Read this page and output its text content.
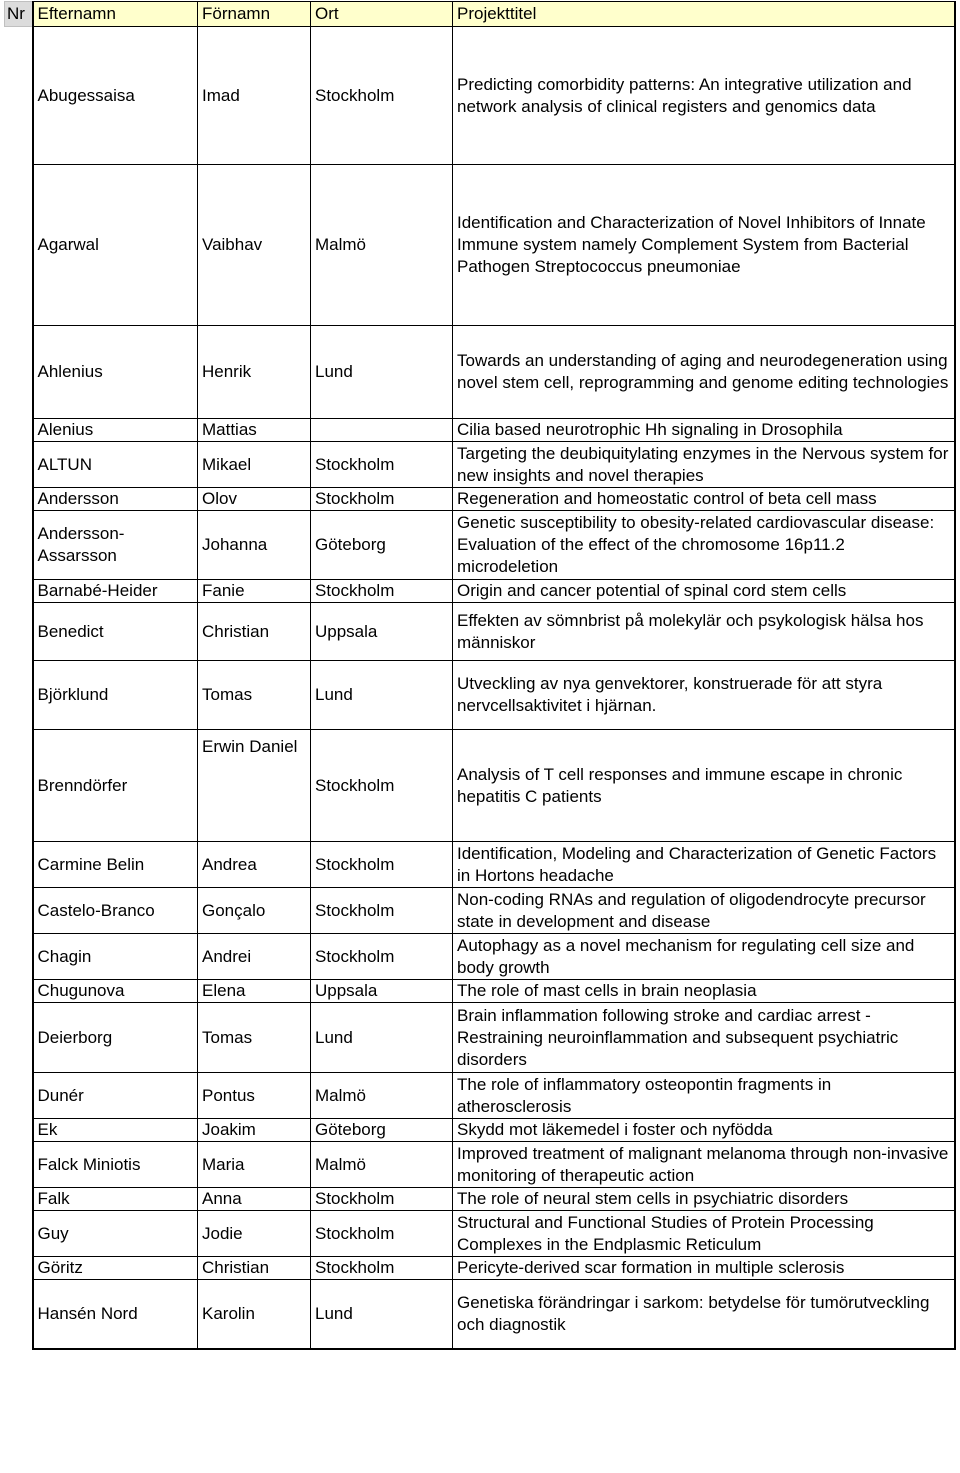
Nr	Efternamn	Förnamn	Ort	Projekttitel
	Abugessaisa	Imad	Stockholm	Predicting comorbidity patterns: An integrative utilization and network analysis of clinical registers and genomics data
	Agarwal	Vaibhav	Malmö	Identification and Characterization of Novel Inhibitors of Innate Immune system namely Complement System from Bacterial Pathogen Streptococcus pneumoniae
	Ahlenius	Henrik	Lund	Towards an understanding of aging and neurodegeneration using novel stem cell, reprogramming and genome editing technologies
	Alenius	Mattias		Cilia based neurotrophic Hh signaling in Drosophila
	ALTUN	Mikael	Stockholm	Targeting the deubiquitylating enzymes in the Nervous system for new insights and novel therapies
	Andersson	Olov	Stockholm	Regeneration and homeostatic control of beta cell mass
	Andersson-Assarsson	Johanna	Göteborg	Genetic susceptibility to obesity-related cardiovascular disease: Evaluation of the effect of the chromosome 16p11.2 microdeletion
	Barnabé-Heider	Fanie	Stockholm	Origin and cancer potential of spinal cord stem cells
	Benedict	Christian	Uppsala	Effekten av sömnbrist på molekylär och psykologisk hälsa hos människor
	Björklund	Tomas	Lund	Utveckling av nya genvektorer, konstruerade för att styra nervcellsaktivitet i hjärnan.
	Brenndörfer	Erwin Daniel	Stockholm	Analysis of T cell responses and immune escape in chronic hepatitis C patients
	Carmine Belin	Andrea	Stockholm	Identification, Modeling and Characterization of Genetic Factors in Hortons headache
	Castelo-Branco	Gonçalo	Stockholm	Non-coding RNAs and regulation of oligodendrocyte precursor state in development and disease
	Chagin	Andrei	Stockholm	Autophagy as a novel mechanism for regulating cell size and body growth
	Chugunova	Elena	Uppsala	The role of mast cells in brain neoplasia
	Deierborg	Tomas	Lund	Brain inflammation following stroke and cardiac arrest - Restraining neuroinflammation and subsequent psychiatric disorders
	Dunér	Pontus	Malmö	The role of inflammatory osteopontin fragments in atherosclerosis
	Ek	Joakim	Göteborg	Skydd mot läkemedel i foster och nyfödda
	Falck Miniotis	Maria	Malmö	Improved treatment of malignant melanoma through non-invasive monitoring of therapeutic action
	Falk	Anna	Stockholm	The role of neural stem cells in psychiatric disorders
	Guy	Jodie	Stockholm	Structural and Functional Studies of Protein Processing Complexes in the Endplasmic Reticulum
	Göritz	Christian	Stockholm	Pericyte-derived scar formation in multiple sclerosis
	Hansén Nord	Karolin	Lund	Genetiska förändringar i sarkom: betydelse för tumörutveckling och diagnostik
